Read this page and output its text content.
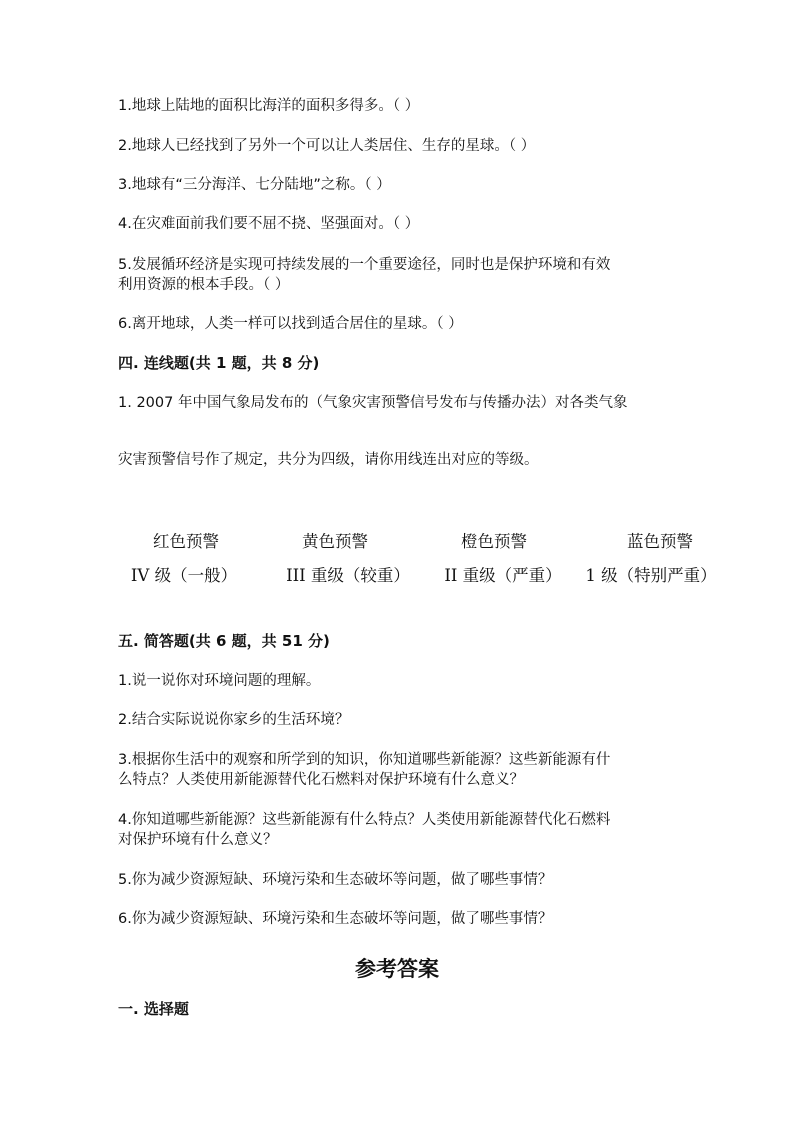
1.地球上陆地的面积比海洋的面积多得多。（ ）
2.地球人已经找到了另外一个可以让人类居住、生存的星球。（ ）
3.地球有“三分海洋、七分陆地”之称。（ ）
4.在灾难面前我们要不屈不挠、坚强面对。（ ）
5.发展循环经济是实现可持续发展的一个重要途径，同时也是保护环境和有效
利用资源的根本手段。（ ）
6.离开地球，人类一样可以找到适合居住的星球。（ ）
四. 连线题(共 1 题，共 8 分)
1. 2007 年中国气象局发布的（气象灾害预警信号发布与传播办法）对各类气象
灾害预警信号作了规定，共分为四级，请你用线连出对应的等级。
红色预警	黄色预警	橙色预警	蓝色预警
IV 级（一般）	III 重级（较重） II 重级（严重） 1 级（特别严重）
五. 简答题(共 6 题，共 51 分)
1.说一说你对环境问题的理解。
2.结合实际说说你家乡的生活环境？
3.根据你生活中的观察和所学到的知识，你知道哪些新能源？这些新能源有什
么特点？人类使用新能源替代化石燃料对保护环境有什么意义？
4.你知道哪些新能源？这些新能源有什么特点？人类使用新能源替代化石燃料
对保护环境有什么意义？
5.你为减少资源短缺、环境污染和生态破坏等问题，做了哪些事情？
6.你为减少资源短缺、环境污染和生态破坏等问题，做了哪些事情？
参考答案
一. 选择题
